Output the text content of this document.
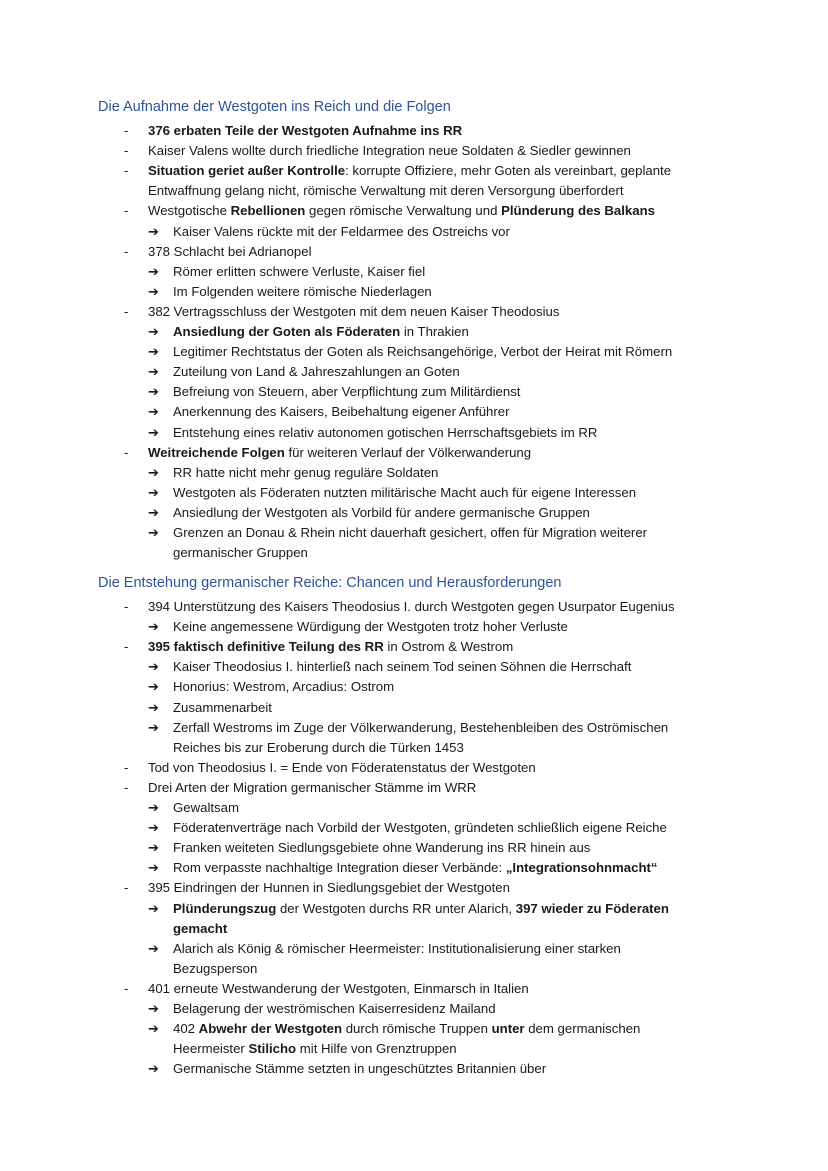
Die Aufnahme der Westgoten ins Reich und die Folgen
- 376 erbaten Teile der Westgoten Aufnahme ins RR
- Kaiser Valens wollte durch friedliche Integration neue Soldaten & Siedler gewinnen
- Situation geriet außer Kontrolle: korrupte Offiziere, mehr Goten als vereinbart, geplante
Entwaffnung gelang nicht, römische Verwaltung mit deren Versorgung überfordert
- Westgotische Rebellionen gegen römische Verwaltung und Plünderung des Balkans
➔ Kaiser Valens rückte mit der Feldarmee des Ostreichs vor
- 378 Schlacht bei Adrianopel
➔ Römer erlitten schwere Verluste, Kaiser fiel
➔ Im Folgenden weitere römische Niederlagen
- 382 Vertragsschluss der Westgoten mit dem neuen Kaiser Theodosius
➔ Ansiedlung der Goten als Föderaten in Thrakien
➔ Legitimer Rechtstatus der Goten als Reichsangehörige, Verbot der Heirat mit Römern
➔ Zuteilung von Land & Jahreszahlungen an Goten
➔ Befreiung von Steuern, aber Verpflichtung zum Militärdienst
➔ Anerkennung des Kaisers, Beibehaltung eigener Anführer
➔ Entstehung eines relativ autonomen gotischen Herrschaftsgebiets im RR
- Weitreichende Folgen für weiteren Verlauf der Völkerwanderung
➔ RR hatte nicht mehr genug reguläre Soldaten
➔ Westgoten als Föderaten nutzten militärische Macht auch für eigene Interessen
➔ Ansiedlung der Westgoten als Vorbild für andere germanische Gruppen
➔ Grenzen an Donau & Rhein nicht dauerhaft gesichert, offen für Migration weiterer
germanischer Gruppen
Die Entstehung germanischer Reiche: Chancen und Herausforderungen
- 394 Unterstützung des Kaisers Theodosius I. durch Westgoten gegen Usurpator Eugenius
➔ Keine angemessene Würdigung der Westgoten trotz hoher Verluste
- 395 faktisch definitive Teilung des RR in Ostrom & Westrom
➔ Kaiser Theodosius I. hinterließ nach seinem Tod seinen Söhnen die Herrschaft
➔ Honorius: Westrom, Arcadius: Ostrom
➔ Zusammenarbeit
➔ Zerfall Westroms im Zuge der Völkerwanderung, Bestehenbleiben des Oströmischen
Reiches bis zur Eroberung durch die Türken 1453
- Tod von Theodosius I. = Ende von Föderatenstatus der Westgoten
- Drei Arten der Migration germanischer Stämme im WRR
➔ Gewaltsam
➔ Föderatenverträge nach Vorbild der Westgoten, gründeten schließlich eigene Reiche
➔ Franken weiteten Siedlungsgebiete ohne Wanderung ins RR hinein aus
➔ Rom verpasste nachhaltige Integration dieser Verbände: „Integrationsohnmacht“
- 395 Eindringen der Hunnen in Siedlungsgebiet der Westgoten
➔ Plünderungszug der Westgoten durchs RR unter Alarich, 397 wieder zu Föderaten
gemacht
➔ Alarich als König & römischer Heermeister: Institutionalisierung einer starken
Bezugsperson
- 401 erneute Westwanderung der Westgoten, Einmarsch in Italien
➔ Belagerung der weströmischen Kaiserresidenz Mailand
➔ 402 Abwehr der Westgoten durch römische Truppen unter dem germanischen
Heermeister Stilicho mit Hilfe von Grenztruppen
➔ Germanische Stämme setzten in ungeschütztes Britannien über
